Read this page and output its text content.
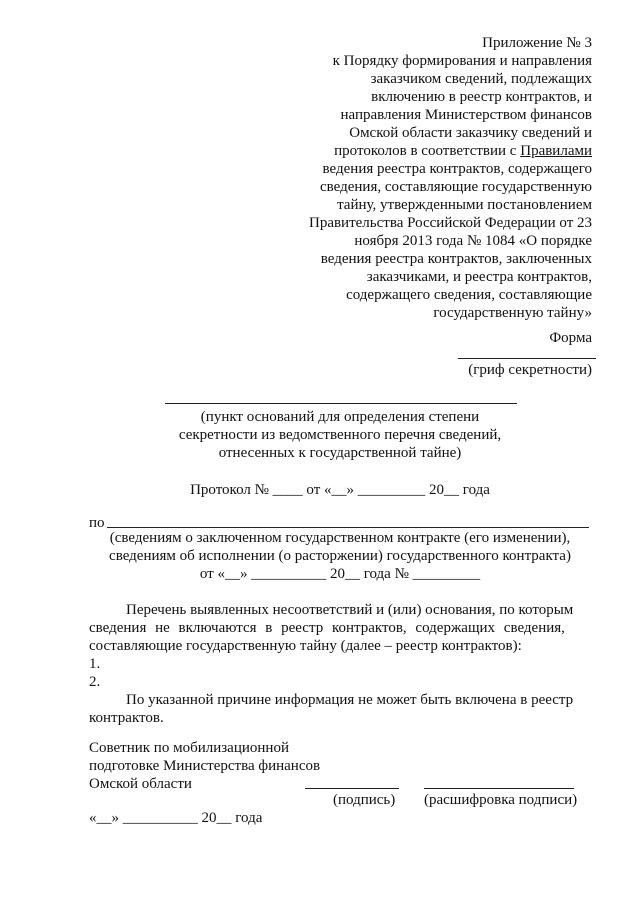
Приложение № 3
к Порядку формирования и направления
заказчиком сведений, подлежащих
включению в реестр контрактов, и
направления Министерством финансов
Омской области заказчику сведений и
протоколов в соответствии с Правилами
ведения реестра контрактов, содержащего
сведения, составляющие государственную
тайну, утвержденными постановлением
Правительства Российской Федерации от 23
ноября 2013 года № 1084 «О порядке
ведения реестра контрактов, заключенных
заказчиками, и реестра контрактов,
содержащего сведения, составляющие
государственную тайну»
Форма
(гриф секретности)
(пункт оснований для определения степени
секретности из ведомственного перечня сведений,
отнесенных к государственной тайне)
Протокол № ____ от «__» _________ 20__ года
по
(сведениям о заключенном государственном контракте (его изменении),
сведениям об исполнении (о расторжении) государственного контракта)
от «__» __________ 20__ года № _________
Перечень выявленных несоответствий и (или) основания, по которым
сведения не включаются в реестр контрактов, содержащих сведения,
составляющие государственную тайну (далее – реестр контрактов):
1.
2.
По указанной причине информация не может быть включена в реестр
контрактов.
Советник по мобилизационной
подготовке Министерства финансов
Омской области
(подпись) (расшифровка подписи)
«__» __________ 20__ года
